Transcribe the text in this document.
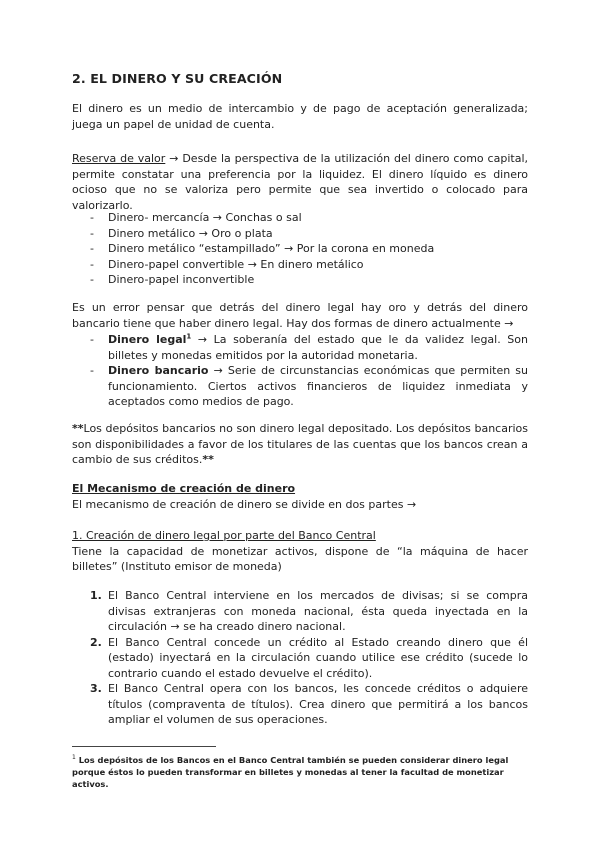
2. EL DINERO Y SU CREACIÓN

El dinero es un medio de intercambio y de pago de aceptación generalizada; juega un papel de unidad de cuenta.

Reserva de valor → Desde la perspectiva de la utilización del dinero como capital, permite constatar una preferencia por la liquidez. El dinero líquido es dinero ocioso que no se valoriza pero permite que sea invertido o colocado para valorizarlo.

- Dinero- mercancía → Conchas o sal
- Dinero metálico → Oro o plata
- Dinero metálico “estampillado” → Por la corona en moneda
- Dinero-papel convertible → En dinero metálico
- Dinero-papel inconvertible

Es un error pensar que detrás del dinero legal hay oro y detrás del dinero bancario tiene que haber dinero legal. Hay dos formas de dinero actualmente →

- Dinero legal$^1$ → La soberanía del estado que le da validez legal. Son billetes y monedas emitidos por la autoridad monetaria.
- Dinero bancario → Serie de circunstancias económicas que permiten su funcionamiento. Ciertos activos financieros de liquidez inmediata y aceptados como medios de pago.

**Los depósitos bancarios no son dinero legal depositado. Los depósitos bancarios son disponibilidades a favor de los titulares de las cuentas que los bancos crean a cambio de sus créditos.**

El Mecanismo de creación de dinero

El mecanismo de creación de dinero se divide en dos partes →

1. Creación de dinero legal por parte del Banco Central

Tiene la capacidad de monetizar activos, dispone de “la máquina de hacer billetes” (Instituto emisor de moneda)

1. El Banco Central interviene en los mercados de divisas; si se compra divisas extranjeras con moneda nacional, ésta queda inyectada en la circulación → se ha creado dinero nacional.
2. El Banco Central concede un crédito al Estado creando dinero que él (estado) inyectará en la circulación cuando utilice ese crédito (sucede lo contrario cuando el estado devuelve el crédito).
3. El Banco Central opera con los bancos, les concede créditos o adquiere títulos (compraventa de títulos). Crea dinero que permitirá a los bancos ampliar el volumen de sus operaciones.
$^1$ Los depósitos de los Bancos en el Banco Central también se pueden considerar dinero legal porque éstos lo pueden transformar en billetes y monedas al tener la facultad de monetizar activos.
